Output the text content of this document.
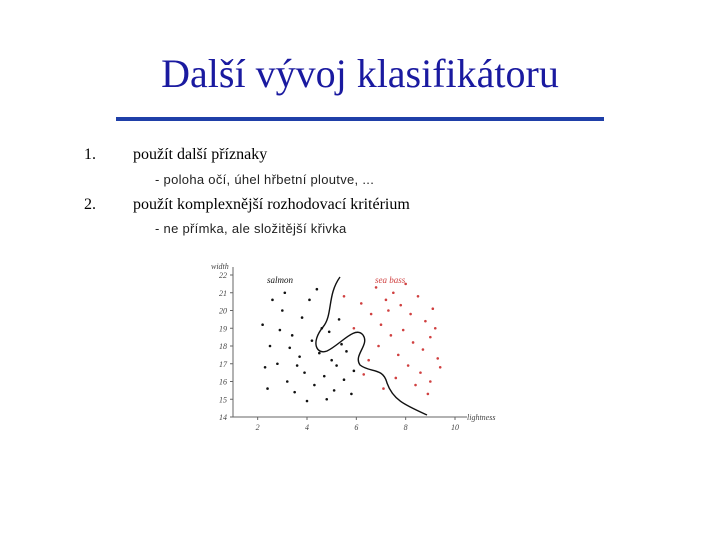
Další vývoj klasifikátoru
1. použít další příznaky
- poloha očí, úhel hřbetní ploutve, ...
2. použít komplexnější rozhodovací kritérium
- ne přímka, ale složitější křivka
14
15
16
17
18
19
20
21
22
2	4	6	8	10
width
lightness
salmon	sea bass
